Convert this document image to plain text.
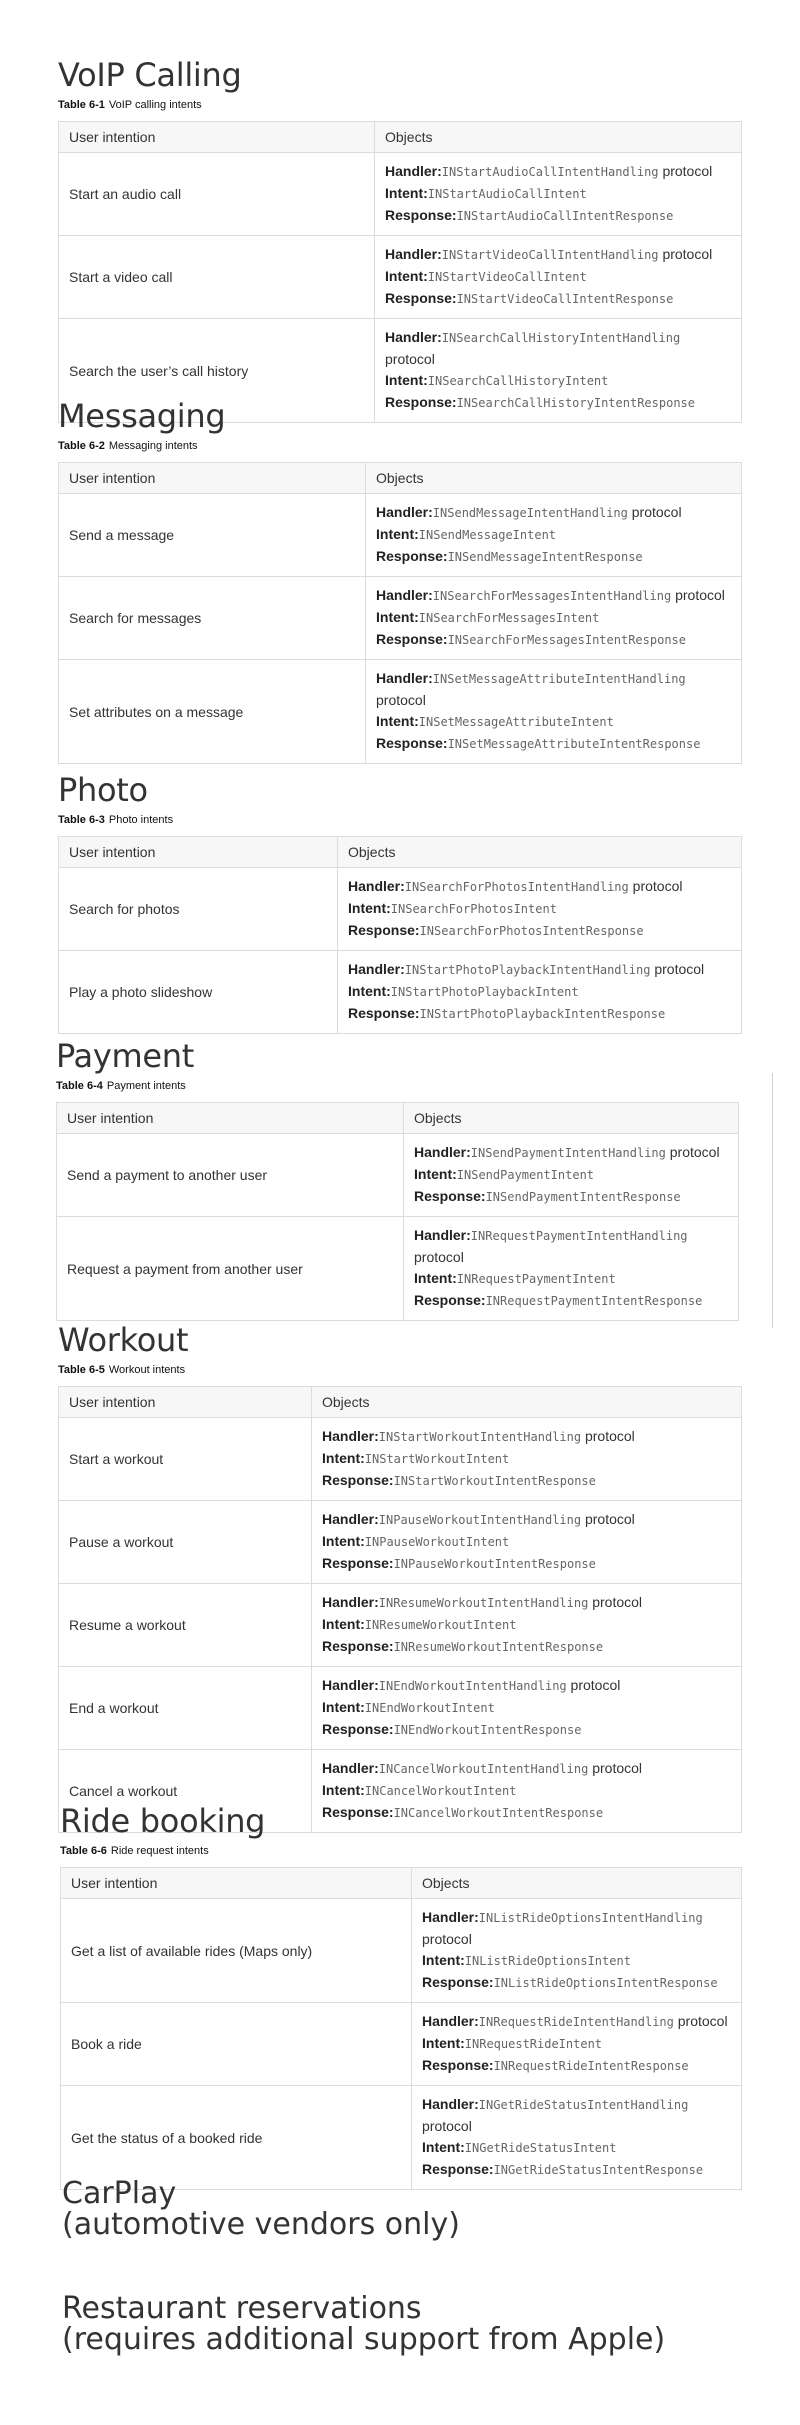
VoIP Calling
Table 6-1 VoIP calling intents
User intention	Objects
Start an audio call	Handler:INStartAudioCallIntentHandling protocol
Intent:INStartAudioCallIntent
Response:INStartAudioCallIntentResponse

Start a video call	Handler:INStartVideoCallIntentHandling protocol
Intent:INStartVideoCallIntent
Response:INStartVideoCallIntentResponse

Search the user’s call history	Handler:INSearchCallHistoryIntentHandling protocol
Intent:INSearchCallHistoryIntent
Response:INSearchCallHistoryIntentResponse
Messaging
Table 6-2 Messaging intents
User intention	Objects
Send a message	Handler:INSendMessageIntentHandling protocol
Intent:INSendMessageIntent
Response:INSendMessageIntentResponse

Search for messages	Handler:INSearchForMessagesIntentHandling protocol
Intent:INSearchForMessagesIntent
Response:INSearchForMessagesIntentResponse

Set attributes on a message	Handler:INSetMessageAttributeIntentHandling protocol
Intent:INSetMessageAttributeIntent
Response:INSetMessageAttributeIntentResponse
Photo
Table 6-3 Photo intents
User intention	Objects
Search for photos	Handler:INSearchForPhotosIntentHandling protocol
Intent:INSearchForPhotosIntent
Response:INSearchForPhotosIntentResponse

Play a photo slideshow	Handler:INStartPhotoPlaybackIntentHandling protocol
Intent:INStartPhotoPlaybackIntent
Response:INStartPhotoPlaybackIntentResponse
Payment
Table 6-4 Payment intents
User intention	Objects
Send a payment to another user	Handler:INSendPaymentIntentHandling protocol
Intent:INSendPaymentIntent
Response:INSendPaymentIntentResponse

Request a payment from another user	Handler:INRequestPaymentIntentHandling protocol
Intent:INRequestPaymentIntent
Response:INRequestPaymentIntentResponse
Workout
Table 6-5 Workout intents
User intention	Objects
Start a workout	Handler:INStartWorkoutIntentHandling protocol
Intent:INStartWorkoutIntent
Response:INStartWorkoutIntentResponse

Pause a workout	Handler:INPauseWorkoutIntentHandling protocol
Intent:INPauseWorkoutIntent
Response:INPauseWorkoutIntentResponse

Resume a workout	Handler:INResumeWorkoutIntentHandling protocol
Intent:INResumeWorkoutIntent
Response:INResumeWorkoutIntentResponse

End a workout	Handler:INEndWorkoutIntentHandling protocol
Intent:INEndWorkoutIntent
Response:INEndWorkoutIntentResponse

Cancel a workout	Handler:INCancelWorkoutIntentHandling protocol
Intent:INCancelWorkoutIntent
Response:INCancelWorkoutIntentResponse
Ride booking
Table 6-6 Ride request intents
User intention	Objects
Get a list of available rides (Maps only)	Handler:INListRideOptionsIntentHandling protocol
Intent:INListRideOptionsIntent
Response:INListRideOptionsIntentResponse

Book a ride	Handler:INRequestRideIntentHandling protocol
Intent:INRequestRideIntent
Response:INRequestRideIntentResponse

Get the status of a booked ride	Handler:INGetRideStatusIntentHandling protocol
Intent:INGetRideStatusIntent
Response:INGetRideStatusIntentResponse
CarPlay
(automotive vendors only)
Restaurant reservations
(requires additional support from Apple)
